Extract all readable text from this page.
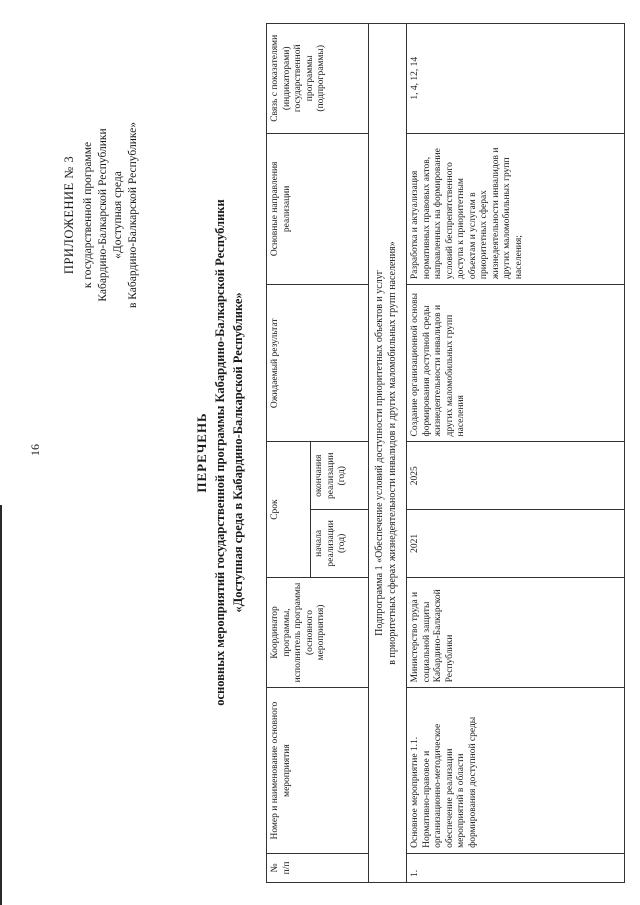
16
ПРИЛОЖЕНИЕ № 3 к государственной программе Кабардино-Балкарской Республики «Доступная среда в Кабардино-Балкарской Республике»
ПЕРЕЧЕНЬ основных мероприятий государственной программы Кабардино-Балкарской Республики «Доступная среда в Кабардино-Балкарской Республике»
№
п/п	Номер и наименование основного мероприятия	Координатор программы, исполнитель программы (основного мероприятия)	Срок		Ожидаемый результат	Основные направления реализации	Связь с показателями (индикаторами) государственной программы (подпрограммы)
			начала реализации (год)	окончания реализации (год)			
Подпрограмма 1 «Обеспечение условий доступности приоритетных объектов и услуг
в приоритетных сферах жизнедеятельности инвалидов и других маломобильных групп населения»							
1.	Основное мероприятие 1.1. Нормативно-правовое и организационно-методическое обеспечение реализации мероприятий в области формирования доступной среды	Министерство труда и социальной защиты Кабардино-Балкарской Республики	2021	2025	Создание организационной основы формирования доступной среды жизнедеятельности инвалидов и других маломобильных групп населения	Разработка и актуализация нормативных правовых актов, направленных на формирование условий беспрепятственного доступа к приоритетным объектам и услугам в приоритетных сферах жизнедеятельности инвалидов и других маломобильных групп населения;	1, 4, 12, 14
